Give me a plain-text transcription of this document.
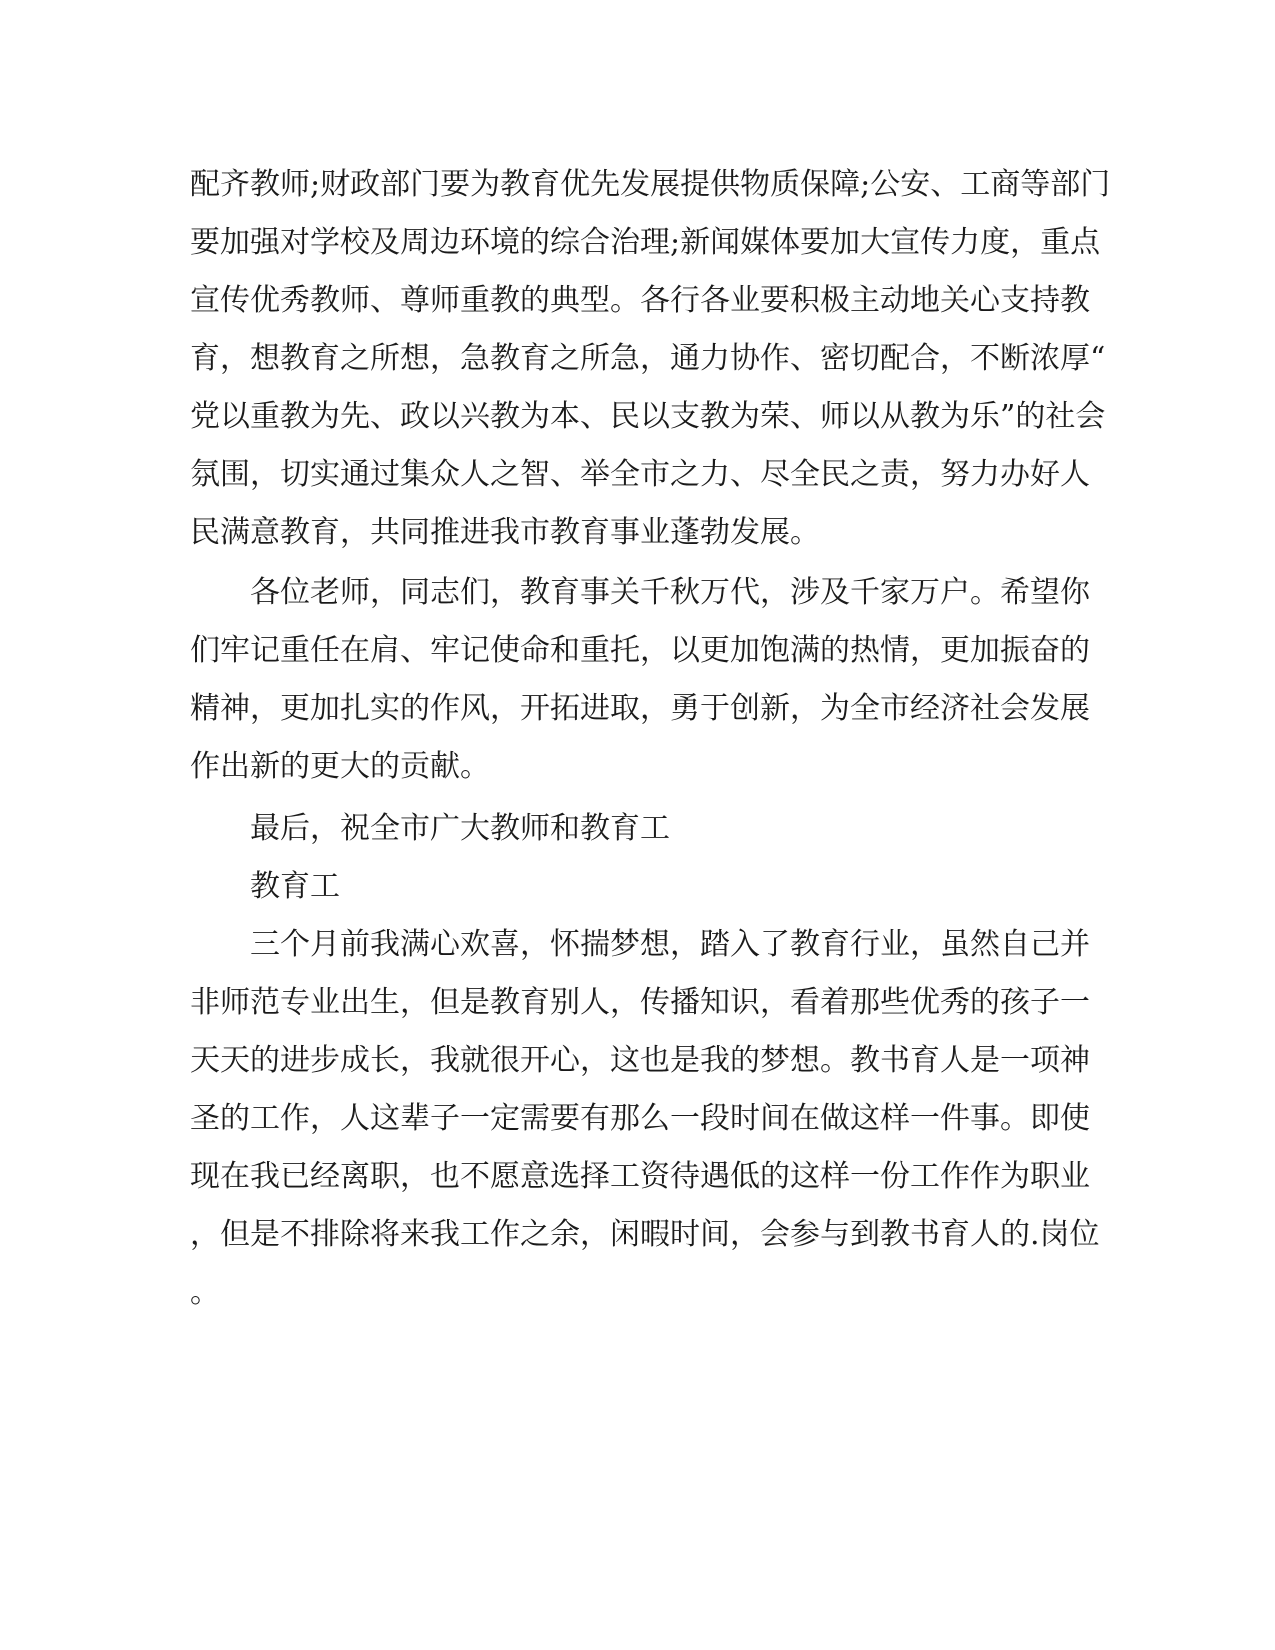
配齐教师;财政部门要为教育优先发展提供物质保障;公安、工商等部门
要加强对学校及周边环境的综合治理;新闻媒体要加大宣传力度，重点
宣传优秀教师、尊师重教的典型。各行各业要积极主动地关心支持教
育，想教育之所想，急教育之所急，通力协作、密切配合，不断浓厚“
党以重教为先、政以兴教为本、民以支教为荣、师以从教为乐”的社会
氛围，切实通过集众人之智、举全市之力、尽全民之责，努力办好人
民满意教育，共同推进我市教育事业蓬勃发展。
各位老师，同志们，教育事关千秋万代，涉及千家万户。希望你
们牢记重任在肩、牢记使命和重托，以更加饱满的热情，更加振奋的
精神，更加扎实的作风，开拓进取，勇于创新，为全市经济社会发展
作出新的更大的贡献。
最后，祝全市广大教师和教育工
教育工
三个月前我满心欢喜，怀揣梦想，踏入了教育行业，虽然自己并
非师范专业出生，但是教育别人，传播知识，看着那些优秀的孩子一
天天的进步成长，我就很开心，这也是我的梦想。教书育人是一项神
圣的工作，人这辈子一定需要有那么一段时间在做这样一件事。即使
现在我已经离职，也不愿意选择工资待遇低的这样一份工作作为职业
，但是不排除将来我工作之余，闲暇时间，会参与到教书育人的.岗位
。
